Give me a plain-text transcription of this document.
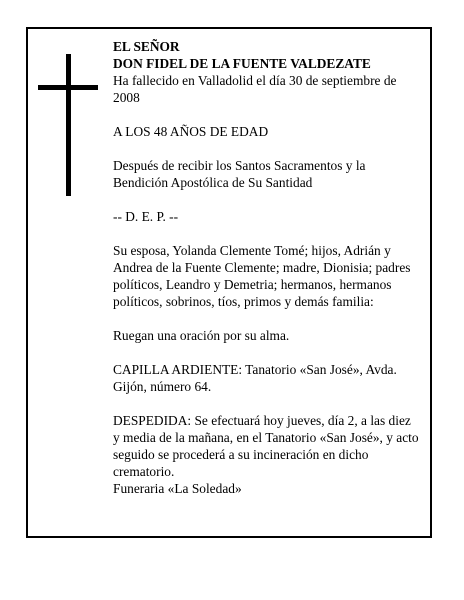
EL SEÑOR
DON FIDEL DE LA FUENTE VALDEZATE
Ha fallecido en Valladolid el día 30 de septiembre de
2008
A LOS 48 AÑOS DE EDAD
Después de recibir los Santos Sacramentos y la
Bendición Apostólica de Su Santidad
-- D. E. P. --
Su esposa, Yolanda Clemente Tomé; hijos, Adrián y
Andrea de la Fuente Clemente; madre, Dionisia; padres
políticos, Leandro y Demetria; hermanos, hermanos
políticos, sobrinos, tíos, primos y demás familia:
Ruegan una oración por su alma.
CAPILLA ARDIENTE: Tanatorio «San José», Avda.
Gijón, número 64.
DESPEDIDA: Se efectuará hoy jueves, día 2, a las diez
y media de la mañana, en el Tanatorio «San José», y acto
seguido se procederá a su incineración en dicho
crematorio.
Funeraria «La Soledad»
